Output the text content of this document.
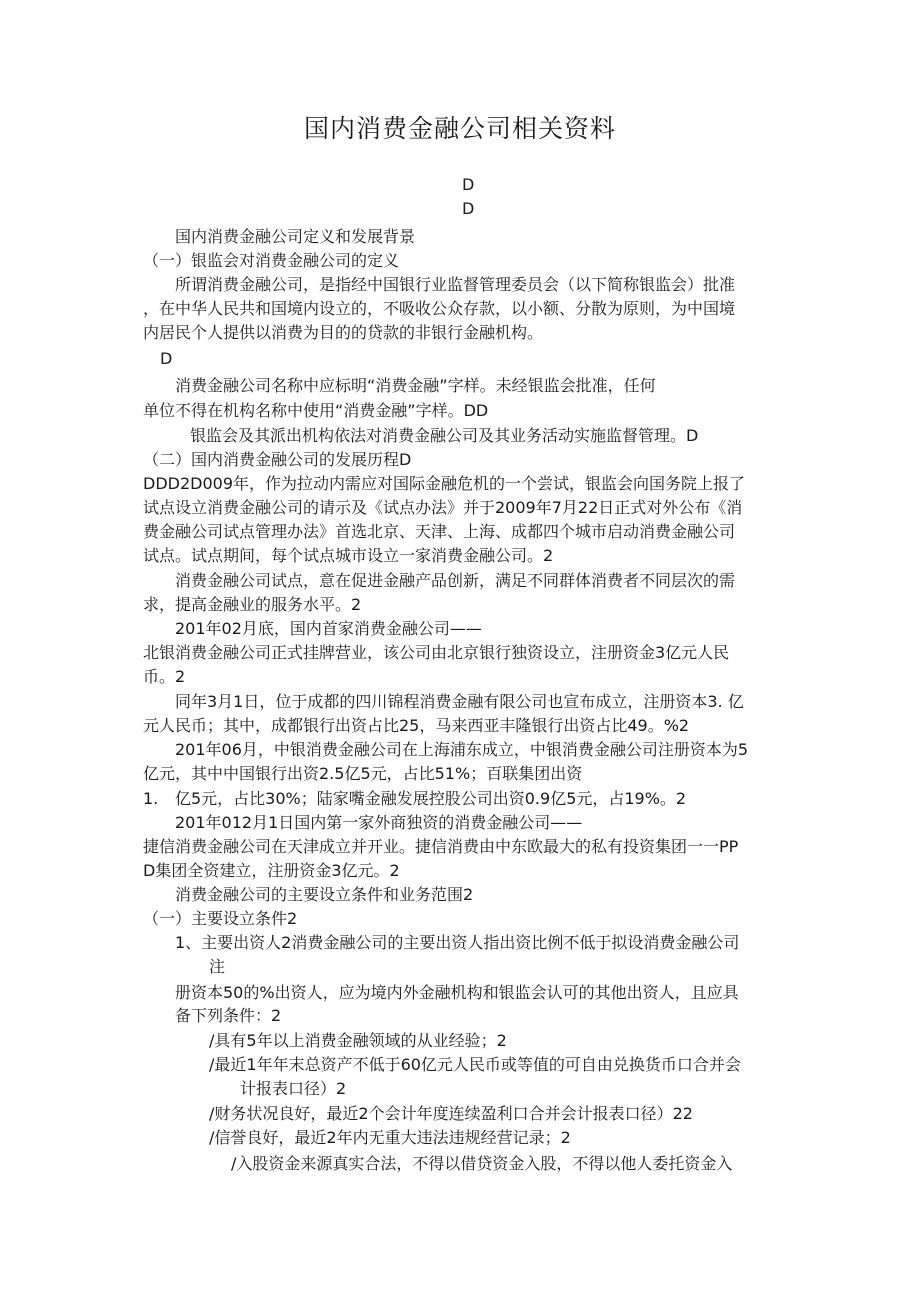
国内消费金融公司相关资料
D
D
国内消费金融公司定义和发展背景
（一）银监会对消费金融公司的定义
所谓消费金融公司，是指经中国银行业监督管理委员会（以下简称银监会）批准
，在中华人民共和国境内设立的，不吸收公众存款，以小额、分散为原则，为中国境
内居民个人提供以消费为目的的贷款的非银行金融机构。
D
消费金融公司名称中应标明“消费金融”字样。未经银监会批准，任何
单位不得在机构名称中使用“消费金融”字样。DD
银监会及其派出机构依法对消费金融公司及其业务活动实施监督管理。D
（二）国内消费金融公司的发展历程D
DDD2D009年，作为拉动内需应对国际金融危机的一个尝试，银监会向国务院上报了
试点设立消费金融公司的请示及《试点办法》并于2009年7月22日正式对外公布《消
费金融公司试点管理办法》首选北京、天津、上海、成都四个城市启动消费金融公司
试点。试点期间，每个试点城市设立一家消费金融公司。2
消费金融公司试点，意在促进金融产品创新，满足不同群体消费者不同层次的需
求，提高金融业的服务水平。2
201年02月底，国内首家消费金融公司——
北银消费金融公司正式挂牌营业，该公司由北京银行独资设立，注册资金3亿元人民
币。2
同年3月1日，位于成都的四川锦程消费金融有限公司也宣布成立，注册资本3. 亿
元人民币；其中，成都银行出资占比25，马来西亚丰隆银行出资占比49。%2
201年06月，中银消费金融公司在上海浦东成立，中银消费金融公司注册资本为5
亿元，其中中国银行出资2.5亿5元，占比51%；百联集团出资
1. 亿5元，占比30%；陆家嘴金融发展控股公司出资0.9亿5元，占19%。2
201年012月1日国内第一家外商独资的消费金融公司——
捷信消费金融公司在天津成立并开业。捷信消费由中东欧最大的私有投资集团一一PP
D集团全资建立，注册资金3亿元。2
消费金融公司的主要设立条件和业务范围2
（一）主要设立条件2
1、主要出资人2消费金融公司的主要出资人指出资比例不低于拟设消费金融公司
注
册资本50的%出资人，应为境内外金融机构和银监会认可的其他出资人，且应具
备下列条件：2
/具有5年以上消费金融领域的从业经验；2
/最近1年年末总资产不低于60亿元人民币或等值的可自由兑换货币口合并会
计报表口径）2
/财务状况良好，最近2个会计年度连续盈利口合并会计报表口径）22
/信誉良好，最近2年内无重大违法违规经营记录；2
/入股资金来源真实合法，不得以借贷资金入股，不得以他人委托资金入
